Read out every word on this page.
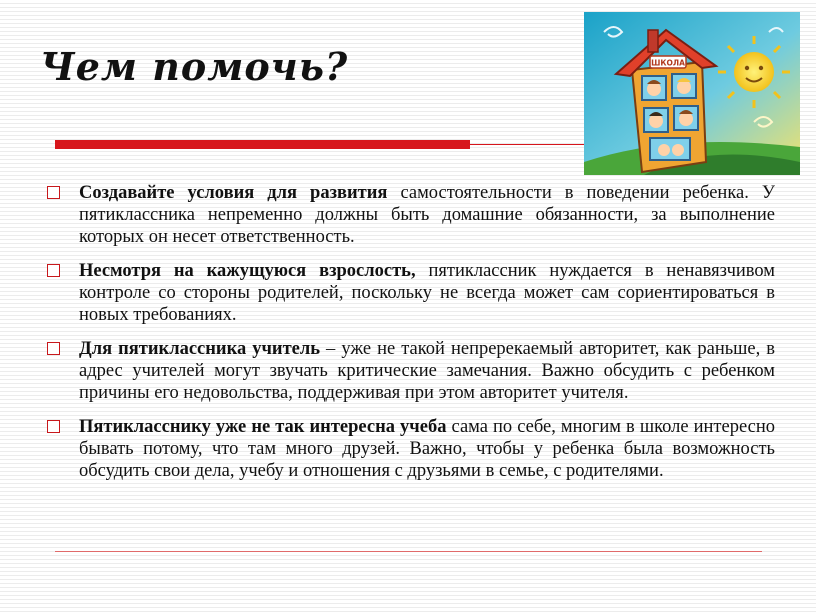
Чем помочь?	ШКОЛА
Создавайте условия для развития самостоятельности в поведении ребенка. У пятиклассника непременно должны быть домашние обязанности, за выполнение которых он несет ответственность.
Несмотря на кажущуюся взрослость, пятиклассник нуждается в ненавязчивом контроле со стороны родителей, поскольку не всегда может сам сориентироваться в новых требованиях.
Для пятиклассника учитель – уже не такой непререкаемый авторитет, как раньше, в адрес учителей могут звучать критические замечания. Важно обсудить с ребенком причины его недовольства, поддерживая при этом авторитет учителя.
Пятикласснику уже не так интересна учеба сама по себе, многим в школе интересно бывать потому, что там много друзей. Важно, чтобы у ребенка была возможность обсудить свои дела, учебу и отношения с друзьями в семье, с родителями.
